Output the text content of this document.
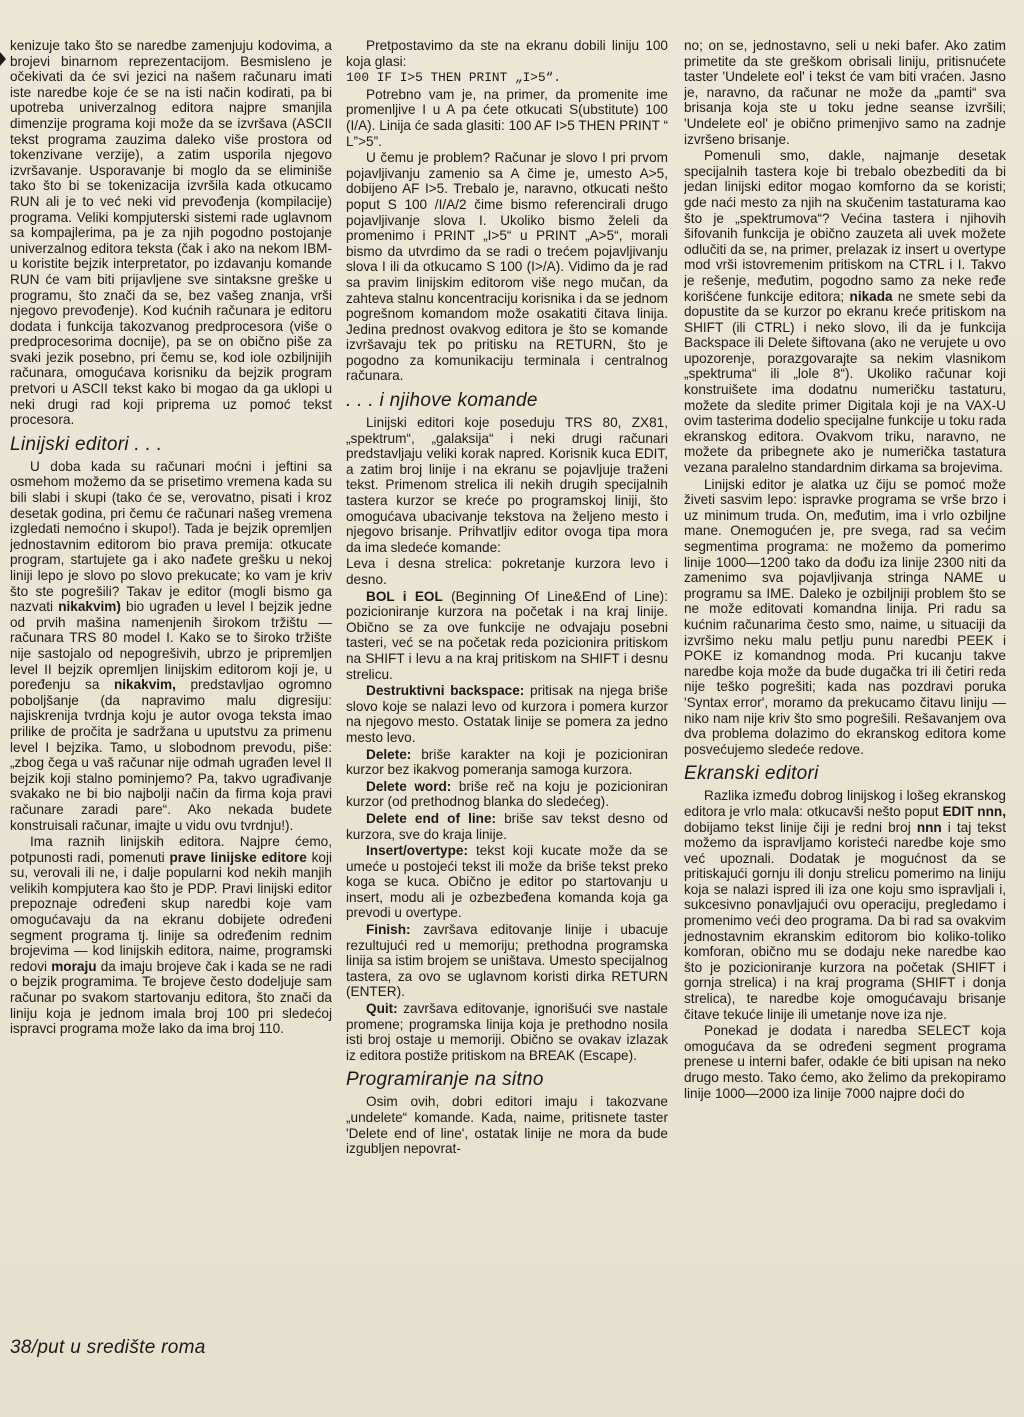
kenizuje tako što se naredbe zamenjuju kodovima, a brojevi binarnom reprezentacijom. Besmisleno je očekivati da će svi jezici na našem računaru imati iste naredbe koje će se na isti način kodirati, pa bi upotreba univerzalnog editora najpre smanjila dimenzije programa koji može da se izvršava (ASCII tekst programa zauzima daleko više prostora od tokenzivane verzije), a zatim usporila njegovo izvršavanje. Usporavanje bi moglo da se eliminiše tako što bi se tokenizacija izvršila kada otkucamo RUN ali je to već neki vid prevođenja (kompilacije) programa. Veliki kompjuterski sistemi rade uglavnom sa kompajlerima, pa je za njih pogodno postojanje univerzalnog editora teksta (čak i ako na nekom IBM-u koristite bejzik interpretator, po izdavanju komande RUN će vam biti prijavljene sve sintaksne greške u programu, što znači da se, bez vašeg znanja, vrši njegovo prevođenje). Kod kućnih računara je editoru dodata i funkcija takozvanog predprocesora (više o predprocesorima docnije), pa se on obično piše za svaki jezik posebno, pri čemu se, kod iole ozbiljnijih računara, omogućava korisniku da bejzik program pretvori u ASCII tekst kako bi mogao da ga uklopi u neki drugi rad koji priprema uz pomoć tekst procesora.

Linijski editori . . .

U doba kada su računari moćni i jeftini sa osmehom možemo da se prisetimo vremena kada su bili slabi i skupi (tako će se, verovatno, pisati i kroz desetak godina, pri čemu će računari našeg vremena izgledati nemoćno i skupo!). Tada je bejzik opremljen jednostavnim editorom bio prava premija: otkucate program, startujete ga i ako nađete grešku u nekoj liniji lepo je slovo po slovo prekucate; ko vam je kriv što ste pogrešili? Takav je editor (mogli bismo ga nazvati nikakvim) bio ugrađen u level I bejzik jedne od prvih mašina namenjenih širokom tržištu — računara TRS 80 model I. Kako se to široko tržište nije sastojalo od nepogrešivih, ubrzo je pripremljen level II bejzik opremljen linijskim editorom koji je, u poređenju sa nikakvim, predstavljao ogromno poboljšanje (da napravimo malu digresiju: najiskrenija tvrdnja koju je autor ovoga teksta imao prilike de pročita je sadržana u uputstvu za primenu level I bejzika. Tamo, u slobodnom prevodu, piše: „zbog čega u vaš računar nije odmah ugrađen level II bejzik koji stalno pominjemo? Pa, takvo ugrađivanje svakako ne bi bio najbolji način da firma koja pravi računare zaradi pare“. Ako nekada budete konstruisali računar, imajte u vidu ovu tvrdnju!).

Ima raznih linijskih editora. Najpre ćemo, potpunosti radi, pomenuti prave linijske editore koji su, verovali ili ne, i dalje popularni kod nekih manjih velikih kompjutera kao što je PDP. Pravi linijski editor prepoznaje određeni skup naredbi koje vam omogućavaju da na ekranu dobijete određeni segment programa tj. linije sa određenim rednim brojevima — kod linijskih editora, naime, programski redovi moraju da imaju brojeve čak i kada se ne radi o bejzik programima. Te brojeve često dodeljuje sam računar po svakom startovanju editora, što znači da liniju koja je jednom imala broj 100 pri sledećoj ispravci programa može lako da ima broj 110.

Pretpostavimo da ste na ekranu dobili liniju 100 koja glasi:

100 IF I>5 THEN PRINT „I>5“.

Potrebno vam je, na primer, da promenite ime promenljive I u A pa ćete otkucati S(ubstitute) 100 (I/A). Linija će sada glasiti: 100 AF I>5 THEN PRINT “ L”>5”.

U čemu je problem? Računar je slovo I pri prvom pojavljivanju zamenio sa A čime je, umesto A>5, dobijeno AF I>5. Trebalo je, naravno, otkucati nešto poput S 100 /I/A/2 čime bismo referencirali drugo pojavljivanje slova I. Ukoliko bismo želeli da promenimo i PRINT „I>5“ u PRINT „A>5“, morali bismo da utvrdimo da se radi o trećem pojavljivanju slova I ili da otkucamo S 100 (I>/A). Vidimo da je rad sa pravim linijskim editorom više nego mučan, da zahteva stalnu koncentraciju korisnika i da se jednom pogrešnom komandom može osakatiti čitava linija. Jedina prednost ovakvog editora je što se komande izvršavaju tek po pritisku na RETURN, što je pogodno za komunikaciju terminala i centralnog računara.

. . . i njihove komande

Linijski editori koje poseduju TRS 80, ZX81, „spektrum“, „galaksija“ i neki drugi računari predstavljaju veliki korak napred. Korisnik kuca EDIT, a zatim broj linije i na ekranu se pojavljuje traženi tekst. Primenom strelica ili nekih drugih specijalnih tastera kurzor se kreće po programskoj liniji, što omogućava ubacivanje tekstova na željeno mesto i njegovo brisanje. Prihvatljiv editor ovoga tipa mora da ima sledeće komande:

Leva i desna strelica: pokretanje kurzora levo i desno.

BOL i EOL (Beginning Of Line&End of Line): pozicioniranje kurzora na početak i na kraj linije. Obično se za ove funkcije ne odvajaju posebni tasteri, već se na početak reda pozicionira pritiskom na SHIFT i levu a na kraj pritiskom na SHIFT i desnu strelicu.

Destruktivni backspace: pritisak na njega briše slovo koje se nalazi levo od kurzora i pomera kurzor na njegovo mesto. Ostatak linije se pomera za jedno mesto levo.

Delete: briše karakter na koji je pozicioniran kurzor bez ikakvog pomeranja samoga kurzora.

Delete word: briše reč na koju je pozicioniran kurzor (od prethodnog blanka do sledećeg).

Delete end of line: briše sav tekst desno od kurzora, sve do kraja linije.

Insert/overtype: tekst koji kucate može da se umeće u postojeći tekst ili može da briše tekst preko koga se kuca. Obično je editor po startovanju u insert, modu ali je ozbezbeđena komanda koja ga prevodi u overtype.

Finish: završava editovanje linije i ubacuje rezultujući red u memoriju; prethodna programska linija sa istim brojem se uništava. Umesto specijalnog tastera, za ovo se uglavnom koristi dirka RETURN (ENTER).

Quit: završava editovanje, ignorišući sve nastale promene; programska linija koja je prethodno nosila isti broj ostaje u memoriji. Obično se ovakav izlazak iz editora postiže pritiskom na BREAK (Escape).

Programiranje na sitno

Osim ovih, dobri editori imaju i takozvane „undelete“ komande. Kada, naime, pritisnete taster 'Delete end of line', ostatak linije ne mora da bude izgubljen nepovrat-

no; on se, jednostavno, seli u neki bafer. Ako zatim primetite da ste greškom obrisali liniju, pritisnućete taster 'Undelete eol' i tekst će vam biti vraćen. Jasno je, naravno, da računar ne može da „pamti“ sva brisanja koja ste u toku jedne seanse izvršili; 'Undelete eol' je obično primenjivo samo na zadnje izvršeno brisanje.

Pomenuli smo, dakle, najmanje desetak specijalnih tastera koje bi trebalo obezbediti da bi jedan linijski editor mogao komforno da se koristi; gde naći mesto za njih na skučenim tastaturama kao što je „spektrumova“? Većina tastera i njihovih šifovanih funkcija je obično zauzeta ali uvek možete odlučiti da se, na primer, prelazak iz insert u overtype mod vrši istovremenim pritiskom na CTRL i I. Takvo je rešenje, međutim, pogodno samo za neke ređe korišćene funkcije editora; nikada ne smete sebi da dopustite da se kurzor po ekranu kreće pritiskom na SHIFT (ili CTRL) i neko slovo, ili da je funkcija Backspace ili Delete šiftovana (ako ne verujete u ovo upozorenje, porazgovarajte sa nekim vlasnikom „spektruma“ ili „lole 8“). Ukoliko računar koji konstruišete ima dodatnu numeričku tastaturu, možete da sledite primer Digitala koji je na VAX-U ovim tasterima dodelio specijalne funkcije u toku rada ekranskog editora. Ovakvom triku, naravno, ne možete da pribegnete ako je numerička tastatura vezana paralelno standardnim dirkama sa brojevima.

Linijski editor je alatka uz čiju se pomoć može živeti sasvim lepo: ispravke programa se vrše brzo i uz minimum truda. On, međutim, ima i vrlo ozbiljne mane. Onemogućen je, pre svega, rad sa većim segmentima programa: ne možemo da pomerimo linije 1000—1200 tako da dođu iza linije 2300 niti da zamenimo sva pojavljivanja stringa NAME u programu sa IME. Daleko je ozbiljniji problem što se ne može editovati komandna linija. Pri radu sa kućnim računarima često smo, naime, u situaciji da izvršimo neku malu petlju punu naredbi PEEK i POKE iz komandnog moda. Pri kucanju takve naredbe koja može da bude dugačka tri ili četiri reda nije teško pogrešiti; kada nas pozdravi poruka 'Syntax error', moramo da prekucamo čitavu liniju — niko nam nije kriv što smo pogrešili. Rešavanjem ova dva problema dolazimo do ekranskog editora kome posvećujemo sledeće redove.

Ekranski editori

Razlika između dobrog linijskog i lošeg ekranskog editora je vrlo mala: otkucavši nešto poput EDIT nnn, dobijamo tekst linije čiji je redni broj nnn i taj tekst možemo da ispravljamo koristeći naredbe koje smo već upoznali. Dodatak je mogućnost da se pritiskajući gornju ili donju strelicu pomerimo na liniju koja se nalazi ispred ili iza one koju smo ispravljali i, sukcesivno ponavljajući ovu operaciju, pregledamo i promenimo veći deo programa. Da bi rad sa ovakvim jednostavnim ekranskim editorom bio koliko-toliko komforan, obično mu se dodaju neke naredbe kao što je pozicioniranje kurzora na početak (SHIFT i gornja strelica) i na kraj programa (SHIFT i donja strelica), te naredbe koje omogućavaju brisanje čitave tekuće linije ili umetanje nove iza nje.

Ponekad je dodata i naredba SELECT koja omogućava da se određeni segment programa prenese u interni bafer, odakle će biti upisan na neko drugo mesto. Tako ćemo, ako želimo da prekopiramo linije 1000—2000 iza linije 7000 najpre doći do

38/put u središte roma
